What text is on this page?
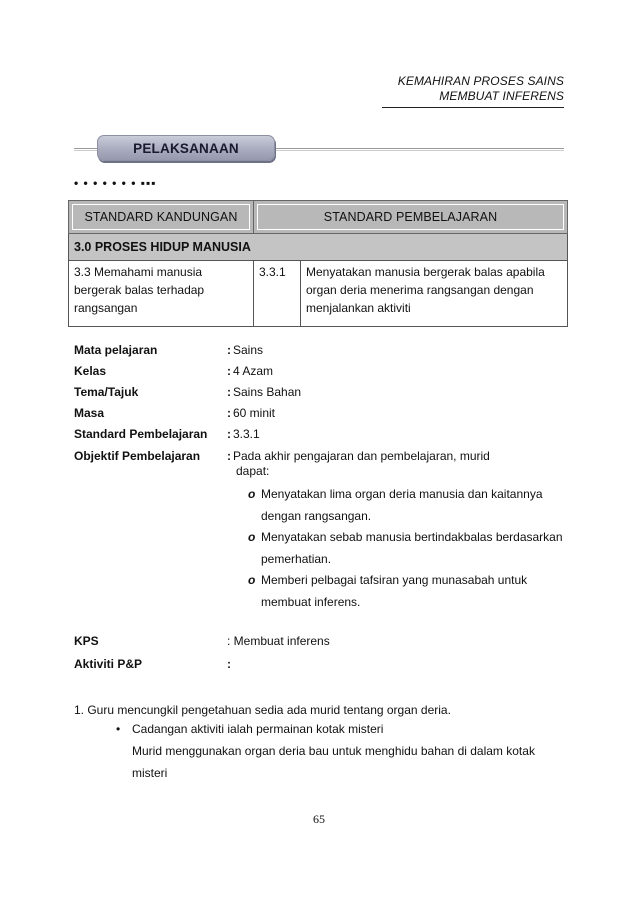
KEMAHIRAN PROSES SAINS
MEMBUAT INFERENS
PELAKSANAAN
• • • • • • • ▪▪▪
STANDARD KANDUNGAN	STANDARD PEMBELAJARAN	

3.0 PROSES HIDUP MANUSIA		
3.3 Memahami manusia
bergerak balas terhadap
rangsangan	3.3.1	Menyatakan manusia bergerak balas apabila organ deria menerima rangsangan dengan menjalankan aktiviti
Mata pelajaran	: Sains
Kelas	: 4 Azam
Tema/Tajuk	: Sains Bahan
Masa	: 60 minit
Standard Pembelajaran : 3.3.1
Objektif Pembelajaran : Pada akhir pengajaran dan pembelajaran, murid
dapat:
o Menyatakan lima organ deria manusia dan kaitannya dengan rangsangan.
o Menyatakan sebab manusia bertindakbalas berdasarkan pemerhatian.
o Memberi pelbagai tafsiran yang munasabah untuk membuat inferens.
KPS	: Membuat inferens
Aktiviti P&P	:
1. Guru mencungkil pengetahuan sedia ada murid tentang organ deria.
• Cadangan aktiviti ialah permainan kotak misteri
Murid menggunakan organ deria bau untuk menghidu bahan di dalam kotak misteri
65
